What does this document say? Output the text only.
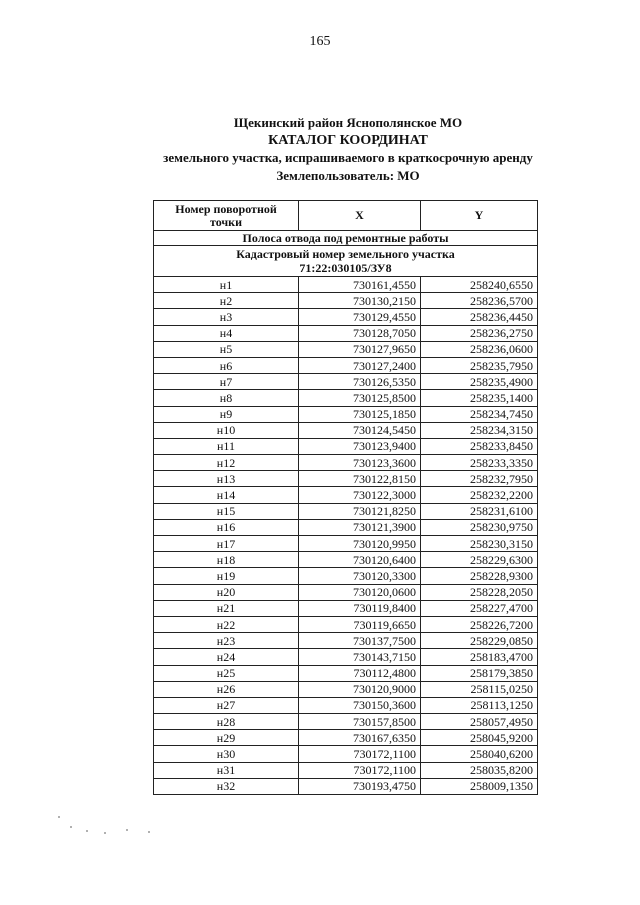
165
Щекинский район Яснополянское МО
КАТАЛОГ КООРДИНАТ
земельного участка, испрашиваемого в краткосрочную аренду
Землепользователь: МО
Номер поворотной точки	X	Y
Полоса отвода под ремонтные работы		

Кадастровый номер земельного участка
71:22:030105/ЗУ8		

н1	730161,4550	258240,6550
н2	730130,2150	258236,5700
н3	730129,4550	258236,4450
н4	730128,7050	258236,2750
н5	730127,9650	258236,0600
н6	730127,2400	258235,7950
н7	730126,5350	258235,4900
н8	730125,8500	258235,1400
н9	730125,1850	258234,7450
н10	730124,5450	258234,3150
н11	730123,9400	258233,8450
н12	730123,3600	258233,3350
н13	730122,8150	258232,7950
н14	730122,3000	258232,2200
н15	730121,8250	258231,6100
н16	730121,3900	258230,9750
н17	730120,9950	258230,3150
н18	730120,6400	258229,6300
н19	730120,3300	258228,9300
н20	730120,0600	258228,2050
н21	730119,8400	258227,4700
н22	730119,6650	258226,7200
н23	730137,7500	258229,0850
н24	730143,7150	258183,4700
н25	730112,4800	258179,3850
н26	730120,9000	258115,0250
н27	730150,3600	258113,1250
н28	730157,8500	258057,4950
н29	730167,6350	258045,9200
н30	730172,1100	258040,6200
н31	730172,1100	258035,8200
н32	730193,4750	258009,1350
